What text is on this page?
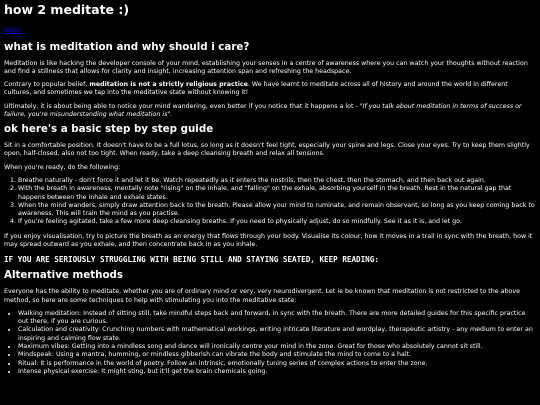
how 2 meditate :)
BACK
what is meditation and why should i care?

Meditation is like hacking the developer console of your mind, establishing your senses in a centre of awareness where you can watch your thoughts without reaction and find a stillness that allows for clarity and insight, increasing attention span and refreshing the headspace.

Contrary to popular belief, meditation is not a strictly religious practice. We have learnt to meditate across all of history and around the world in different cultures, and sometimes we tap into the meditative state without knowing it!

Ultimately, it is about being able to notice your mind wandering, even better if you notice that it happens a lot - "If you talk about meditation in terms of success or failure, you're misunderstanding what meditation is".

ok here's a basic step by step guide

Sit in a comfortable position. It doesn't have to be a full lotus, so long as it doesn't feel tight, especially your spine and legs. Close your eyes. Try to keep them slightly open, half-closed, also not too tight. When ready, take a deep cleansing breath and relax all tensions.

When you're ready, do the following:

1. Breathe naturally - don't force it and let it be. Watch repeatedly as it enters the nostrils, then the chest, then the stomach, and then back out again.
2. With the breath in awareness, mentally note "rising" on the inhale, and "falling" on the exhale, absorbing yourself in the breath. Rest in the natural gap that happens between the inhale and exhale states.
3. When the mind wanders, simply draw attention back to the breath. Please allow your mind to ruminate, and remain observant, so long as you keep coming back to awareness. This will train the mind as you practise.
4. If you're feeling agitated, take a few more deep cleansing breaths. If you need to physically adjust, do so mindfully. See it as it is, and let go.

If you enjoy visualisation, try to picture the breath as an energy that flows through your body. Visualise its colour, how it moves in a trail in sync with the breath, how it may spread outward as you exhale, and then concentrate back in as you inhale.

IF YOU ARE SERIOUSLY STRUGGLING WITH BEING STILL AND STAYING SEATED, KEEP READING:
Alternative methods

Everyone has the ability to meditate, whether you are of ordinary mind or very, very neurodivergent. Let ie be known that meditation is not restricted to the above method, so here are some techniques to help with stimulating you into the meditative state:

• Walking meditation: Instead of sitting still, take mindful steps back and forward, in sync with the breath. There are more detailed guides for this specific practice out there, if you are curious.
• Calculation and creativity: Crunching numbers with mathematical workings, writing intricate literature and wordplay, therapeutic artistry - any medium to enter an inspiring and calming flow state.
• Maximum vibes: Getting into a mindless song and dance will ironically centre your mind in the zone. Great for those who absolutely cannot sit still.
• Mindspeak: Using a mantra, humming, or mindless gibberish can vibrate the body and stimulate the mind to come to a halt.
• Ritual: It is performance in the world of poetry. Follow an intrinsic, emotionally tuning series of complex actions to enter the zone.
• Intense physical exercise: It might sting, but it'll get the brain chemicals going.
